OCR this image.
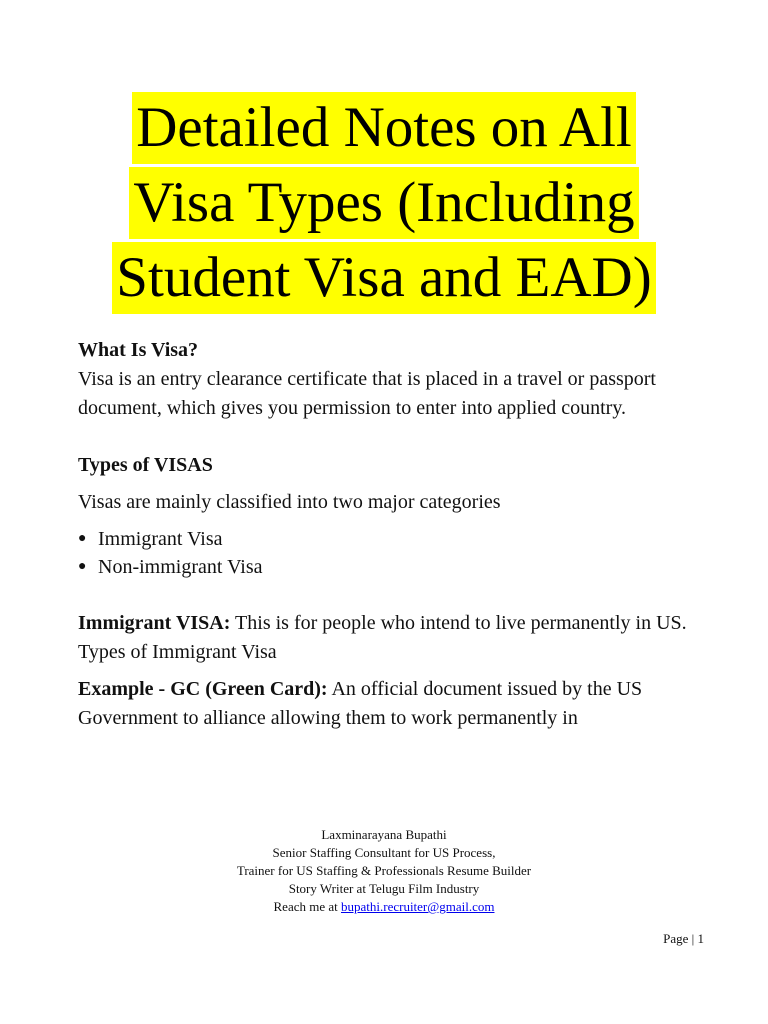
Detailed Notes on All
Visa Types (Including
Student Visa and EAD)

What Is Visa?

Visa is an entry clearance certificate that is placed in a travel or passport document, which gives you permission to enter into applied country.

Types of VISAS

Visas are mainly classified into two major categories

● Immigrant Visa
● Non-immigrant Visa

Immigrant VISA: This is for people who intend to live permanently in US.

Types of Immigrant Visa

Example - GC (Green Card): An official document issued by the US Government to alliance allowing them to work permanently in

Laxminarayana Bupathi
Senior Staffing Consultant for US Process,
Trainer for US Staffing & Professionals Resume Builder
Story Writer at Telugu Film Industry
Reach me at bupathi.recruiter@gmail.com
Page | 1
